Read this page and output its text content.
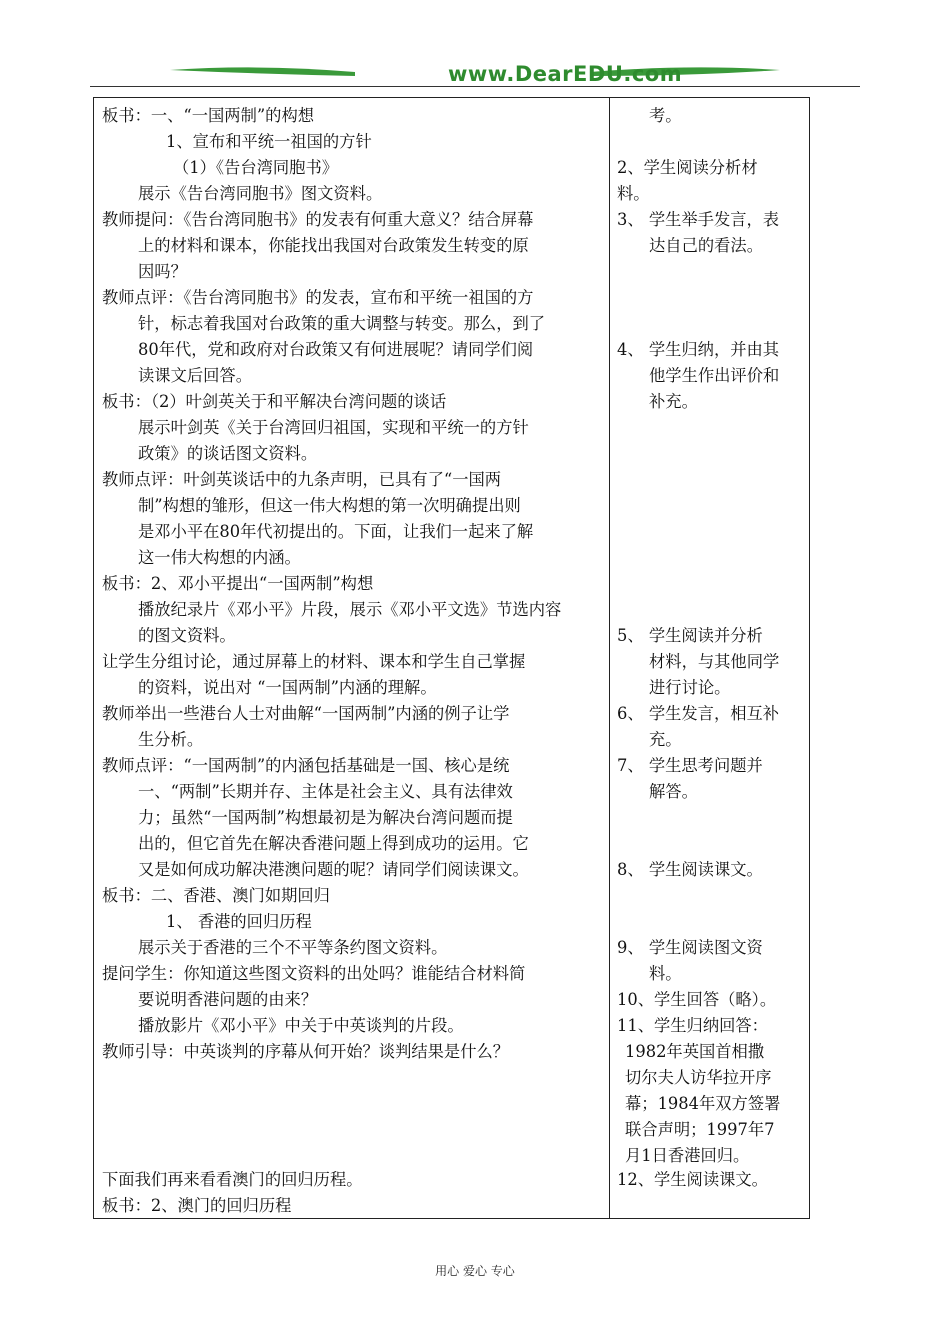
www.DearEDU.com
板书：一、“一国两制”的构想
1、宣布和平统一祖国的方针
（1）《告台湾同胞书》
展示《告台湾同胞书》图文资料。
教师提问：《告台湾同胞书》的发表有何重大意义？结合屏幕
上的材料和课本，你能找出我国对台政策发生转变的原
因吗？
教师点评：《告台湾同胞书》的发表，宣布和平统一祖国的方
针，标志着我国对台政策的重大调整与转变。那么，到了
80年代，党和政府对台政策又有何进展呢？请同学们阅
读课文后回答。
板书：（2）叶剑英关于和平解决台湾问题的谈话
展示叶剑英《关于台湾回归祖国，实现和平统一的方针
政策》的谈话图文资料。
教师点评：叶剑英谈话中的九条声明，已具有了“一国两
制”构想的雏形，但这一伟大构想的第一次明确提出则
是邓小平在80年代初提出的。下面，让我们一起来了解
这一伟大构想的内涵。
板书：2、邓小平提出“一国两制”构想
播放纪录片《邓小平》片段，展示《邓小平文选》节选内容
的图文资料。
让学生分组讨论，通过屏幕上的材料、课本和学生自己掌握
的资料，说出对 “一国两制”内涵的理解。
教师举出一些港台人士对曲解“一国两制”内涵的例子让学
生分析。
教师点评：“一国两制”的内涵包括基础是一国、核心是统
一、“两制”长期并存、主体是社会主义、具有法律效
力；虽然“一国两制”构想最初是为解决台湾问题而提
出的，但它首先在解决香港问题上得到成功的运用。它
又是如何成功解决港澳问题的呢？请同学们阅读课文。
板书：二、香港、澳门如期回归
1、 香港的回归历程
展示关于香港的三个不平等条约图文资料。
提问学生：你知道这些图文资料的出处吗？谁能结合材料简
要说明香港问题的由来？
播放影片《邓小平》中关于中英谈判的片段。
教师引导：中英谈判的序幕从何开始？谈判结果是什么？
下面我们再来看看澳门的回归历程。
板书：2、澳门的回归历程
考。
2、学生阅读分析材
料。
3、 学生举手发言，表
达自己的看法。
4、 学生归纳，并由其
他学生作出评价和
补充。
5、 学生阅读并分析
材料，与其他同学
进行讨论。
6、 学生发言，相互补
充。
7、 学生思考问题并
解答。
8、 学生阅读课文。
9、 学生阅读图文资
料。
10、学生回答（略）。
11、学生归纳回答：
1982年英国首相撒
切尔夫人访华拉开序
幕；1984年双方签署
联合声明；1997年7
月1日香港回归。
12、学生阅读课文。
用心 爱心 专心
